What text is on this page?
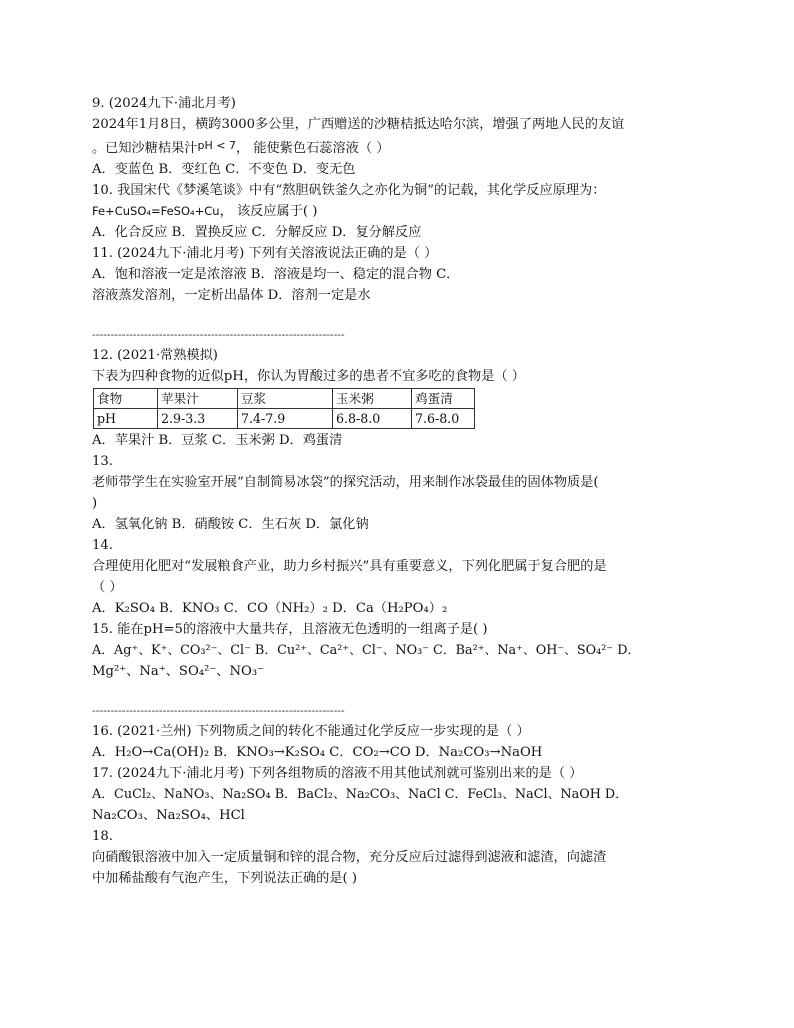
9. (2024九下·浦北月考)
2024年1月8日，横跨3000多公里，广西赠送的沙糖桔抵达哈尔滨，增强了两地人民的友谊
。已知沙糖桔果汁$^{pH < 7}$， 能使紫色石蕊溶液（ ）
A．变蓝色 B．变红色 C．不变色 D．变无色
10. 我国宋代《梦溪笔谈》中有“熬胆矾铁釜久之亦化为铜”的记载，其化学反应原理为：
Fe+CuSO₄=FeSO₄+Cu， 该反应属于( )
A．化合反应 B．置换反应 C．分解反应 D．复分解反应
11. (2024九下·浦北月考) 下列有关溶液说法正确的是（ ）
A．饱和溶液一定是浓溶液 B．溶液是均一、稳定的混合物 C．
溶液蒸发溶剂，一定析出晶体 D．溶剂一定是水
--------------------------------------------------------------------
12. (2021·常熟模拟)
下表为四种食物的近似pH，你认为胃酸过多的患者不宜多吃的食物是（ ）
食物	苹果汁	豆浆	玉米粥	鸡蛋清
pH	2.9-3.3	7.4-7.9	6.8-8.0	7.6-8.0
A．苹果汁 B．豆浆 C．玉米粥 D．鸡蛋清
13.
老师带学生在实验室开展“自制简易冰袋”的探究活动，用来制作冰袋最佳的固体物质是(
)
A．氢氧化钠 B．硝酸铵 C．生石灰 D．氯化钠
14.
合理使用化肥对“发展粮食产业，助力乡村振兴”具有重要意义，下列化肥属于复合肥的是
（ ）
A．K₂SO₄ B．KNO₃ C．CO（NH₂）₂ D．Ca（H₂PO₄）₂
15. 能在pH=5的溶液中大量共存，且溶液无色透明的一组离子是( )
A．Ag⁺、K⁺、CO₃²⁻、Cl⁻ B．Cu²⁺、Ca²⁺、Cl⁻、NO₃⁻ C．Ba²⁺、Na⁺、OH⁻、SO₄²⁻ D．
Mg²⁺、Na⁺、SO₄²⁻、NO₃⁻
--------------------------------------------------------------------
16. (2021·兰州) 下列物质之间的转化不能通过化学反应一步实现的是（ ）
A．H₂O→Ca(OH)₂ B．KNO₃→K₂SO₄ C．CO₂→CO D．Na₂CO₃→NaOH
17. (2024九下·浦北月考) 下列各组物质的溶液不用其他试剂就可鉴别出来的是（ ）
A．CuCl₂、NaNO₃、Na₂SO₄ B．BaCl₂、Na₂CO₃、NaCl C．FeCl₃、NaCl、NaOH D．
Na₂CO₃、Na₂SO₄、HCl
18.
向硝酸银溶液中加入一定质量铜和锌的混合物，充分反应后过滤得到滤液和滤渣，向滤渣
中加稀盐酸有气泡产生，下列说法正确的是( )
